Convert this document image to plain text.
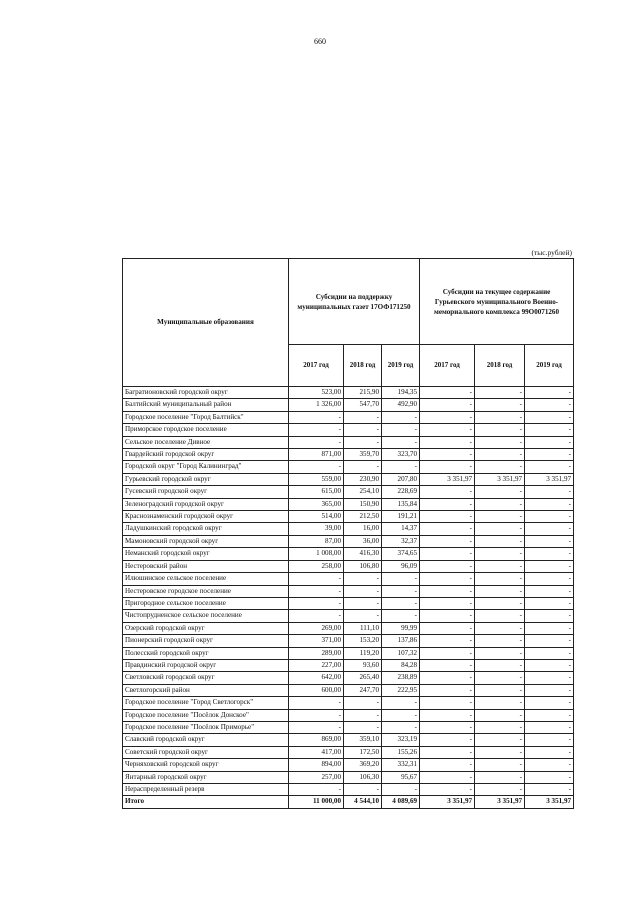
660
(тыс.рублей)
Муниципальные образования	Субсидии на поддержку муниципальных газет 17ОФ171250			Субсидии на текущее содержание Гурьевского муниципального Военно-мемориального комплекса 99О0071260		
	2017 год	2018 год	2019 год	2017 год	2018 год	2019 год
Багратионовский городской округ	523,00	215,90	194,35	-	-	-
Балтийский муниципальный район	1 326,00	547,70	492,90	-	-	-
Городское поселение "Город Балтийск"	-	-	-	-	-	-
Приморское городское поселение	-	-	-	-	-	-
Сельское поселение Дивное	-	-	-	-	-	-
Гвардейский городской округ	871,00	359,70	323,70	-	-	-
Городской округ "Город Калининград"	-	-	-	-	-	-
Гурьевский городской округ	559,00	230,90	207,80	3 351,97	3 351,97	3 351,97
Гусевский городской округ	615,00	254,10	228,69	-	-	-
Зеленоградский городской округ	365,00	150,90	135,84	-	-	-
Краснознаменский городской округ	514,00	212,50	191,21	-	-	-
Ладушкинский городской округ	39,00	16,00	14,37	-	-	-
Мамоновский городской округ	87,00	36,00	32,37	-	-	-
Неманский городской округ	1 008,00	416,30	374,65	-	-	-
Нестеровский район	258,00	106,80	96,09	-	-	-
Илюшинское сельское поселение	-	-	-	-	-	-
Нестеровское городское поселение	-	-	-	-	-	-
Пригородное сельское поселение	-	-	-	-	-	-
Чистопрудненское сельское поселение	-	-	-	-	-	-
Озерский городской округ	269,00	111,10	99,99	-	-	-
Пионерский городской округ	371,00	153,20	137,86	-	-	-
Полесский городской округ	289,00	119,20	107,32	-	-	-
Правдинский городской округ	227,00	93,60	84,28	-	-	-
Светловский городской округ	642,00	265,40	238,89	-	-	-
Светлогорский район	600,00	247,70	222,95	-	-	-
Городское поселение "Город Светлогорск"	-	-	-	-	-	-
Городское поселение "Посёлок Донское"	-	-	-	-	-	-
Городское поселение "Посёлок Приморье"	-	-	-	-	-	-
Славский городской округ	869,00	359,10	323,19	-	-	-
Советский городской округ	417,00	172,50	155,26	-	-	-
Черняховский городской округ	894,00	369,20	332,31	-	-	-
Янтарный городской округ	257,00	106,30	95,67	-	-	-
Нераспределенный резерв	-	-	-	-	-	-
Итого	11 000,00	4 544,10	4 089,69	3 351,97	3 351,97	3 351,97
